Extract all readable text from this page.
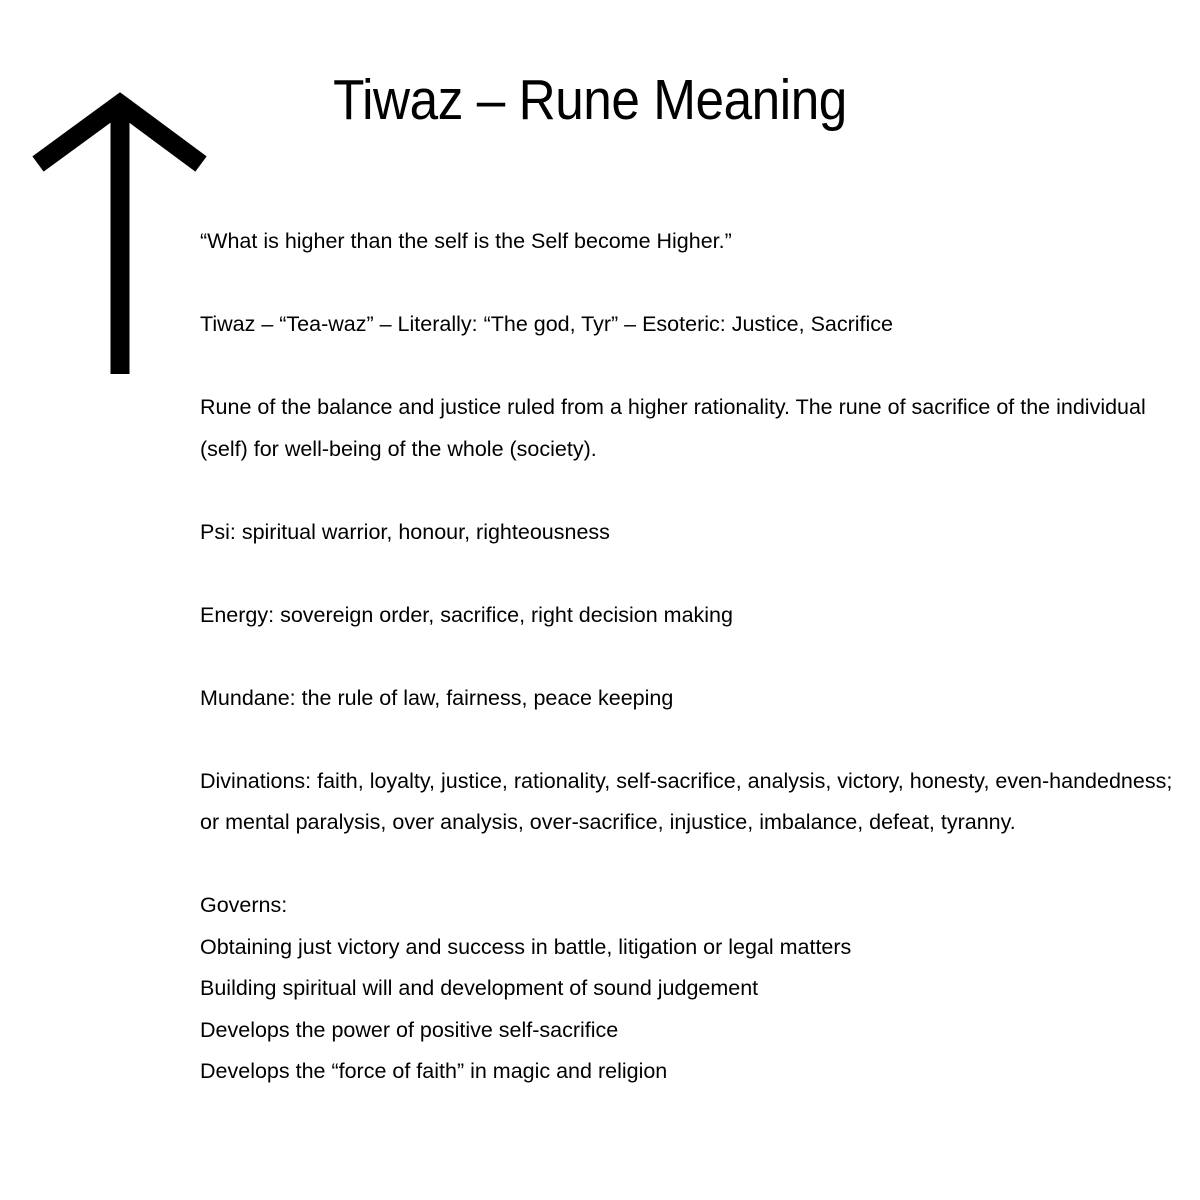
Tiwaz – Rune Meaning

“What is higher than the self is the Self become Higher.”

Tiwaz – “Tea-waz” – Literally: “The god, Tyr” – Esoteric: Justice, Sacrifice

Rune of the balance and justice ruled from a higher rationality. The rune of sacrifice of the individual (self) for well-being of the whole (society).

Psi: spiritual warrior, honour, righteousness

Energy: sovereign order, sacrifice, right decision making

Mundane: the rule of law, fairness, peace keeping

Divinations: faith, loyalty, justice, rationality, self-sacrifice, analysis, victory, honesty, even-handedness; or mental paralysis, over analysis, over-sacrifice, injustice, imbalance, defeat, tyranny.

Governs:

Obtaining just victory and success in battle, litigation or legal matters

Building spiritual will and development of sound judgement

Develops the power of positive self-sacrifice

Develops the “force of faith” in magic and religion
